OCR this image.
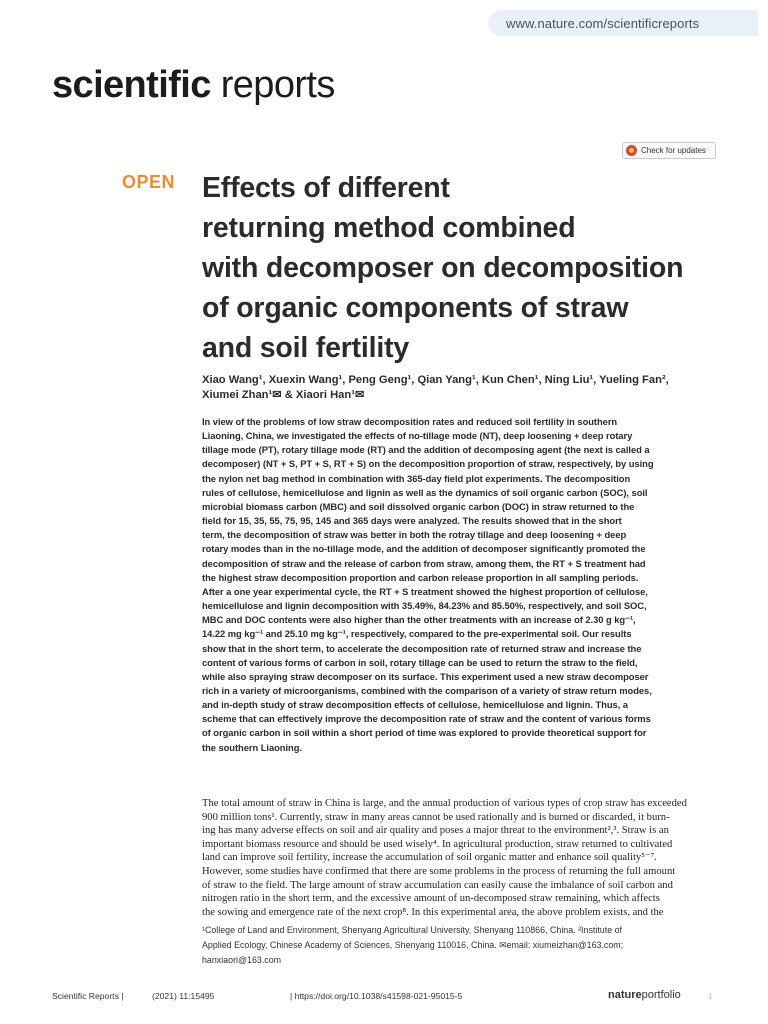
www.nature.com/scientificreports
scientific reports
Check for updates
OPEN Effects of different
returning method combined
with decomposer on decomposition
of organic components of straw
and soil fertility
Xiao Wang¹, Xuexin Wang¹, Peng Geng¹, Qian Yang¹, Kun Chen¹, Ning Liu¹, Yueling Fan²,
Xiumei Zhan¹✉ & Xiaori Han¹✉

In view of the problems of low straw decomposition rates and reduced soil fertility in southern
Liaoning, China, we investigated the effects of no-tillage mode (NT), deep loosening + deep rotary
tillage mode (PT), rotary tillage mode (RT) and the addition of decomposing agent (the next is called a
decomposer) (NT + S, PT + S, RT + S) on the decomposition proportion of straw, respectively, by using
the nylon net bag method in combination with 365-day field plot experiments. The decomposition
rules of cellulose, hemicellulose and lignin as well as the dynamics of soil organic carbon (SOC), soil
microbial biomass carbon (MBC) and soil dissolved organic carbon (DOC) in straw returned to the
field for 15, 35, 55, 75, 95, 145 and 365 days were analyzed. The results showed that in the short
term, the decomposition of straw was better in both the rotray tillage and deep loosening + deep
rotary modes than in the no-tillage mode, and the addition of decomposer significantly promoted the
decomposition of straw and the release of carbon from straw, among them, the RT + S treatment had
the highest straw decomposition proportion and carbon release proportion in all sampling periods.
After a one year experimental cycle, the RT + S treatment showed the highest proportion of cellulose,
hemicellulose and lignin decomposition with 35.49%, 84.23% and 85.50%, respectively, and soil SOC,
MBC and DOC contents were also higher than the other treatments with an increase of 2.30 g kg⁻¹,
14.22 mg kg⁻¹ and 25.10 mg kg⁻¹, respectively, compared to the pre-experimental soil. Our results
show that in the short term, to accelerate the decomposition rate of returned straw and increase the
content of various forms of carbon in soil, rotary tillage can be used to return the straw to the field,
while also spraying straw decomposer on its surface. This experiment used a new straw decomposer
rich in a variety of microorganisms, combined with the comparison of a variety of straw return modes,
and in-depth study of straw decomposition effects of cellulose, hemicellulose and lignin. Thus, a
scheme that can effectively improve the decomposition rate of straw and the content of various forms
of organic carbon in soil within a short period of time was explored to provide theoretical support for
the southern Liaoning.

The total amount of straw in China is large, and the annual production of various types of crop straw has exceeded
900 million tons¹. Currently, straw in many areas cannot be used rationally and is burned or discarded, it burn-
ing has many adverse effects on soil and air quality and poses a major threat to the environment²,³. Straw is an
important biomass resource and should be used wisely⁴. In agricultural production, straw returned to cultivated
land can improve soil fertility, increase the accumulation of soil organic matter and enhance soil quality⁵⁻⁷.
However, some studies have confirmed that there are some problems in the process of returning the full amount
of straw to the field. The large amount of straw accumulation can easily cause the imbalance of soil carbon and
nitrogen ratio in the short term, and the excessive amount of un-decomposed straw remaining, which affects
the sowing and emergence rate of the next crop⁸. In this experimental area, the above problem exists, and the

¹College of Land and Environment, Shenyang Agricultural University, Shenyang 110866, China. ²Institute of
Applied Ecology, Chinese Academy of Sciences, Shenyang 110016, China. ✉email: xiumeizhan@163.com;
hanxiaori@163.com

Scientific Reports |	(2021) 11:15495	| https://doi.org/10.1038/s41598-021-95015-5	natureportfolio	1
